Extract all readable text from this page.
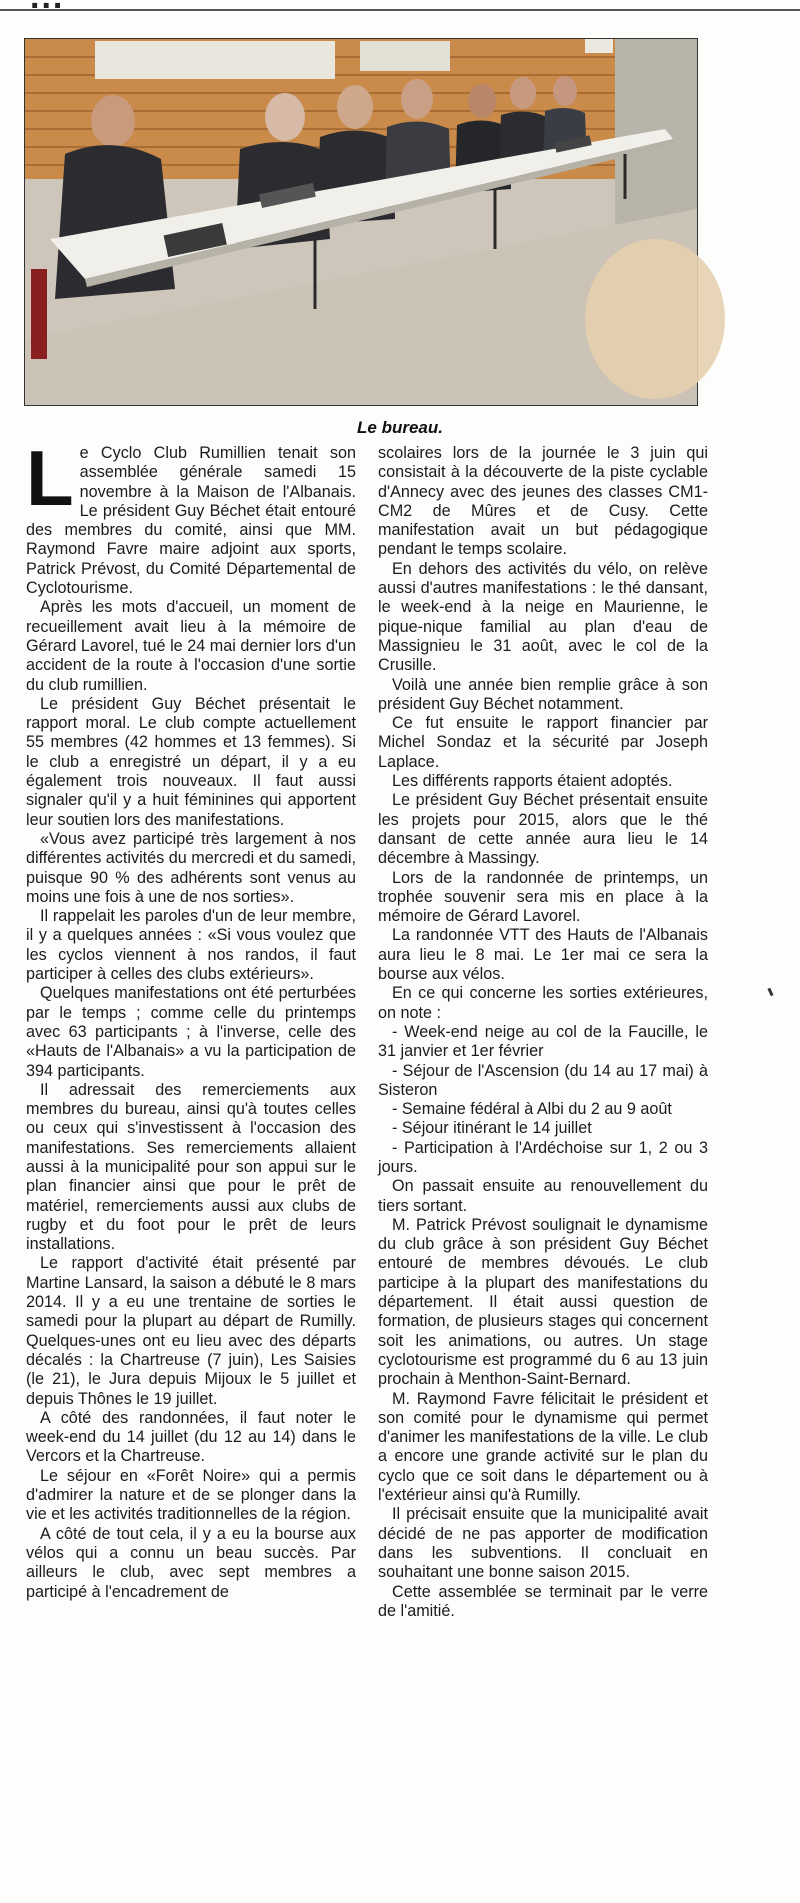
Le bureau.
L e Cyclo Club Rumillien tenait son assemblée générale samedi 15 novembre à la Maison de l'Albanais. Le président Guy Béchet était entouré des membres du comité, ainsi que MM. Raymond Favre maire adjoint aux sports, Patrick Prévost, du Comité Départemental de Cyclotourisme.

Après les mots d'accueil, un moment de recueillement avait lieu à la mémoire de Gérard Lavorel, tué le 24 mai dernier lors d'un accident de la route à l'occasion d'une sortie du club rumillien.

Le président Guy Béchet présentait le rapport moral. Le club compte actuellement 55 membres (42 hommes et 13 femmes). Si le club a enregistré un départ, il y a eu également trois nouveaux. Il faut aussi signaler qu'il y a huit féminines qui apportent leur soutien lors des manifestations.

«Vous avez participé très largement à nos différentes activités du mercredi et du samedi, puisque 90 % des adhérents sont venus au moins une fois à une de nos sorties».

Il rappelait les paroles d'un de leur membre, il y a quelques années : «Si vous voulez que les cyclos viennent à nos randos, il faut participer à celles des clubs extérieurs».

Quelques manifestations ont été perturbées par le temps ; comme celle du printemps avec 63 participants ; à l'inverse, celle des «Hauts de l'Albanais» a vu la participation de 394 participants.

Il adressait des remerciements aux membres du bureau, ainsi qu'à toutes celles ou ceux qui s'investissent à l'occasion des manifestations. Ses remerciements allaient aussi à la municipalité pour son appui sur le plan financier ainsi que pour le prêt de matériel, remerciements aussi aux clubs de rugby et du foot pour le prêt de leurs installations.

Le rapport d'activité était présenté par Martine Lansard, la saison a débuté le 8 mars 2014. Il y a eu une trentaine de sorties le samedi pour la plupart au départ de Rumilly. Quelques-unes ont eu lieu avec des départs décalés : la Chartreuse (7 juin), Les Saisies (le 21), le Jura depuis Mijoux le 5 juillet et depuis Thônes le 19 juillet.

A côté des randonnées, il faut noter le week-end du 14 juillet (du 12 au 14) dans le Vercors et la Chartreuse.

Le séjour en «Forêt Noire» qui a permis d'admirer la nature et de se plonger dans la vie et les activités traditionnelles de la région.

A côté de tout cela, il y a eu la bourse aux vélos qui a connu un beau succès. Par ailleurs le club, avec sept membres a participé à l'encadrement de

scolaires lors de la journée le 3 juin qui consistait à la découverte de la piste cyclable d'Annecy avec des jeunes des classes CM1-CM2 de Mûres et de Cusy. Cette manifestation avait un but pédagogique pendant le temps scolaire.

En dehors des activités du vélo, on relève aussi d'autres manifestations : le thé dansant, le week-end à la neige en Maurienne, le pique-nique familial au plan d'eau de Massignieu le 31 août, avec le col de la Crusille.

Voilà une année bien remplie grâce à son président Guy Béchet notamment.

Ce fut ensuite le rapport financier par Michel Sondaz et la sécurité par Joseph Laplace.

Les différents rapports étaient adoptés.

Le président Guy Béchet présentait ensuite les projets pour 2015, alors que le thé dansant de cette année aura lieu le 14 décembre à Massingy.

Lors de la randonnée de printemps, un trophée souvenir sera mis en place à la mémoire de Gérard Lavorel.

La randonnée VTT des Hauts de l'Albanais aura lieu le 8 mai. Le 1er mai ce sera la bourse aux vélos.

En ce qui concerne les sorties extérieures, on note :

- Week-end neige au col de la Faucille, le 31 janvier et 1er février

- Séjour de l'Ascension (du 14 au 17 mai) à Sisteron

- Semaine fédéral à Albi du 2 au 9 août

- Séjour itinérant le 14 juillet

- Participation à l'Ardéchoise sur 1, 2 ou 3 jours.

On passait ensuite au renouvellement du tiers sortant.

M. Patrick Prévost soulignait le dynamisme du club grâce à son président Guy Béchet entouré de membres dévoués. Le club participe à la plupart des manifestations du département. Il était aussi question de formation, de plusieurs stages qui concernent soit les animations, ou autres. Un stage cyclotourisme est programmé du 6 au 13 juin prochain à Menthon-Saint-Bernard.

M. Raymond Favre félicitait le président et son comité pour le dynamisme qui permet d'animer les manifestations de la ville. Le club a encore une grande activité sur le plan du cyclo que ce soit dans le département ou à l'extérieur ainsi qu'à Rumilly.

Il précisait ensuite que la municipalité avait décidé de ne pas apporter de modification dans les subventions. Il concluait en souhaitant une bonne saison 2015.

Cette assemblée se terminait par le verre de l'amitié.
